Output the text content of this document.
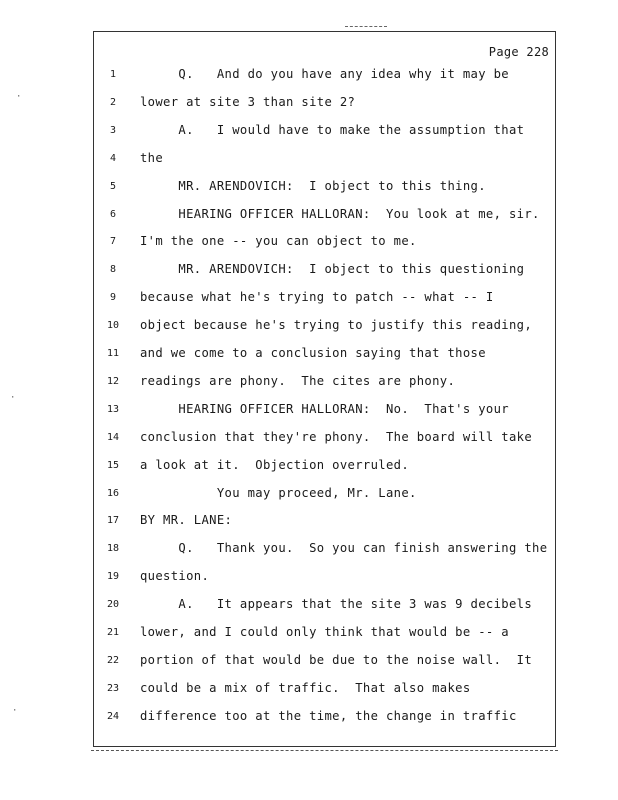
·
·
·
Page 228
1	Q.   And do you have any idea why it may be
2	lower at site 3 than site 2?
3	A.   I would have to make the assumption that
4	the
5	MR. ARENDOVICH:  I object to this thing.
6	HEARING OFFICER HALLORAN:  You look at me, sir.
7	I'm the one -- you can object to me.
8	MR. ARENDOVICH:  I object to this questioning
9	because what he's trying to patch -- what -- I
10	object because he's trying to justify this reading,
11	and we come to a conclusion saying that those
12	readings are phony.  The cites are phony.
13	HEARING OFFICER HALLORAN:  No.  That's your
14	conclusion that they're phony.  The board will take
15	a look at it.  Objection overruled.
16	You may proceed, Mr. Lane.
17	BY MR. LANE:
18	Q.   Thank you.  So you can finish answering the
19	question.
20	A.   It appears that the site 3 was 9 decibels
21	lower, and I could only think that would be -- a
22	portion of that would be due to the noise wall.  It
23	could be a mix of traffic.  That also makes
24	difference too at the time, the change in traffic
